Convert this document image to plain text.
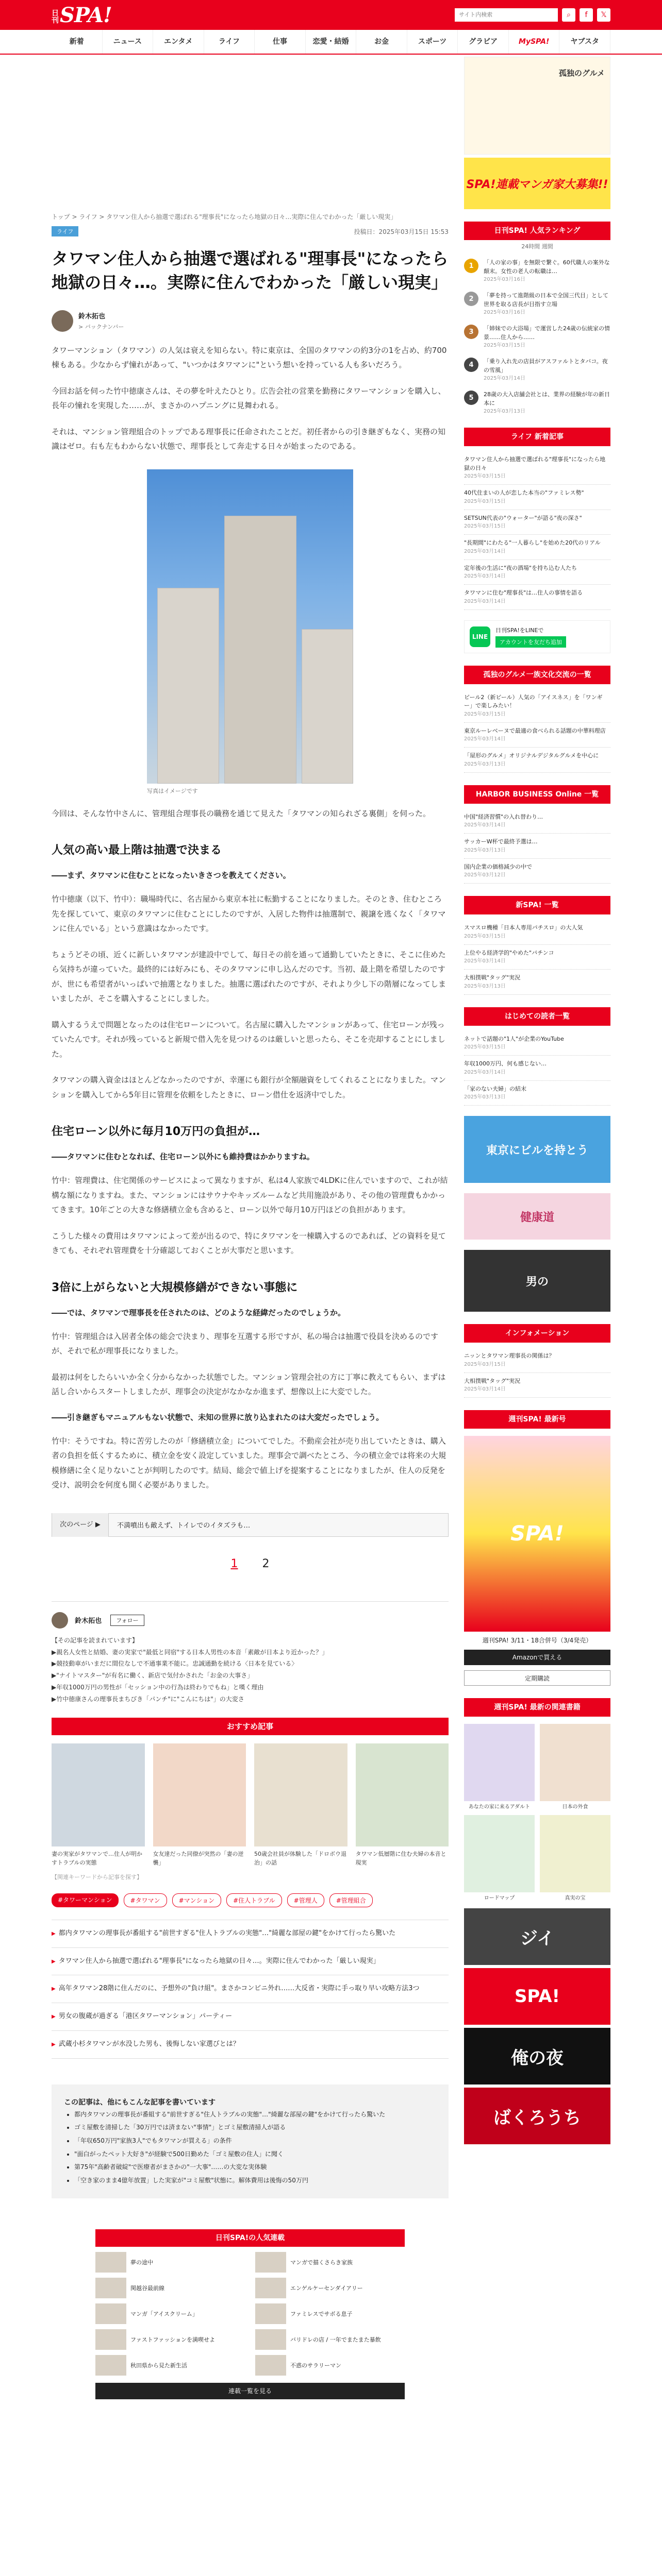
日刊SPA!
サイト内検索	⌕	f	𝕏
新着	ニュース	エンタメ	ライフ	仕事	恋愛・結婚	お金	スポーツ	グラビア	MySPA!	ヤブスタ
トップ > ライフ > タワマン住人から抽選で選ばれる"理事長"になったら地獄の日々…実際に住んでわかった「厳しい現実」
ライフ	投稿日：2025年03月15日 15:53
タワマン住人から抽選で選ばれる"理事長"になったら地獄の日々…。実際に住んでわかった「厳しい現実」
鈴木拓也
> バックナンバー

タワーマンション（タワマン）の人気は衰えを知らない。特に東京は、全国のタワマンの約3分の1を占め、約700棟もある。少なからず憧れがあって、"いつかはタワマンに"という想いを持っている人も多いだろう。

今回お話を伺った竹中徳康さんは、その夢を叶えたひとり。広告会社の営業を勤務にタワーマンションを購入し、長年の憧れを実現した……が、まさかのハプニングに見舞われる。

それは、マンション管理組合のトップである理事長に任命されたことだ。初任者からの引き継ぎもなく、実務の知識はゼロ。右も左もわからない状態で、理事長として奔走する日々が始まったのである。

写真はイメージです

今回は、そんな竹中さんに、管理組合理事長の職務を通じて見えた「タワマンの知られざる裏側」を伺った。

人気の高い最上階は抽選で決まる
――まず、タワマンに住むことになったいきさつを教えてください。

竹中徳康（以下、竹中）：職場時代に、名古屋から東京本社に転勤することになりました。そのとき、住むところ先を探していて、東京のタワマンに住むことにしたのですが、入居した物件は抽選制で、親譲を逃くなく「タワマンに住んでいる」という意識はなかったです。

ちょうどその頃、近くに新しいタワマンが建設中でして、毎日その前を通って通勤していたときに、そこに住めたら気持ちが違っていた。最終的には好みにも、そのタワマンに申し込んだのです。当初、最上階を希望したのですが、世にも希望者がいっぱいで抽選となりました。抽選に選ばれたのですが、それより少し下の階層になってしまいましたが、そこを購入することにしました。

購入するうえで問題となったのは住宅ローンについて。名古屋に購入したマンションがあって、住宅ローンが残っていたんです。それが残っていると新規で借入先を見つけるのは厳しいと思ったら、そこを売却することにしました。

タワマンの購入資金はほとんどなかったのですが、幸運にも銀行が全額融資をしてくれることになりました。マンションを購入してから5年目に管理を依頼をしたときに、ローン借仕を返済中でした。

住宅ローン以外に毎月10万円の負担が…
――タワマンに住むとなれば、住宅ローン以外にも維持費はかかりますね。

竹中：管理費は、住宅関係のサービスによって異なりますが、私は4人家族で4LDKに住んでいますので、これが結構な額になりますね。また、マンションにはサウナやキッズルームなど共用施設があり、その他の管理費もかかってきます。10年ごとの大きな修繕積立金も含めると、ローン以外で毎月10万円ほどの負担があります。

こうした様々の費用はタワマンによって差が出るので、特にタワマンを一棟購入するのであれば、どの資料を見てきても、それぞれ管理費を十分確認しておくことが大事だと思います。

3倍に上がらないと大規模修繕ができない事態に
――では、タワマンで理事長を任されたのは、どのような経緯だったのでしょうか。

竹中：管理組合は入居者全体の総会で決まり、理事を互選する形ですが、私の場合は抽選で役員を決めるのですが、それで私が理事長になりました。

最初は何をしたらいいか全く分からなかった状態でした。マンション管理会社の方に丁寧に教えてもらい、まずは話し合いからスタートしましたが、理事会の決定がなかなか進まず、想像以上に大変でした。

――引き継ぎもマニュアルもない状態で、未知の世界に放り込まれたのは大変だったでしょう。

竹中：そうですね。特に苦労したのが「修繕積立金」についてでした。不動産会社が売り出していたときは、購入者の負担を低くするために、積立金を安く設定していました。理事会で調べたところ、今の積立金では将来の大規模修繕に全く足りないことが判明したのです。結局、総会で値上げを提案することになりましたが、住人の反発を受け、説明会を何度も開く必要がありました。

次のページ ▶	不満噴出も敵えず、トイレでのイタズラも…
1 2
鈴木拓也	フォロー
【その記事を読まれています】
▶親名人女性と結婚、妻の実家で"最低と同宿"する日本人男性の本音「素敵が日本より近かった？」
▶競技動車がいまだに間位なしで不通事業不能に。忠誠通勤を続ける〈日本を見ている〉
▶"ナイトマスター"が有名に働く、新店で気付かされた「お金の大事さ」
▶年収1000万円の男性が「セッション中の行為は終わりでもね」と嘆く理由
▶竹中徳康さんの理事長まちびき「パンチ"に"こんにちは"」の大変さ
おすすめ記事
妻の実家がタワマンで…住人が明かすトラブルの実態
女友達だった同僚が突然の「妻の逆襲」
50歳会社員が体験した「ドロボウ退治」の話
タワマン低層階に住む夫婦の本音と現実
【関連キーワードから記事を探す】
#タワーマンション	#タワマン	#マンション	#住人トラブル	#管理人	#管理組合
▶ 都内タワマンの理事長が番組する"前世すぎる"住人トラブルの実態"…"綺麗な部屋の鍵"をかけて行ったら驚いた
▶ タワマン住人から抽選で選ばれる"理事長"になったら地獄の日々…。実際に住んでわかった「厳しい現実」
▶ 高年タワマン28階に住んだのに、予想外の"負け組"。まさかコンビニ外れ……大反省・実際に手っ取り早い攻略方法3つ
▶ 男女の腹蔵が過ぎる「港区タワーマンション」パーティー
▶ 武蔵小杉タワマンが水没した男も、後悔しない家選びとは？
この記事は、他にもこんな記事を書いています
• 都内タワマンの理事長が番組する"前世すぎる"住人トラブルの実態"…"綺麗な部屋の鍵"をかけて行ったら驚いた
• ゴミ屋敷を清掃した「30万円では済まない"事情"」とゴミ屋敷清掃人が語る
• 「年収650万円"家族3人"でもタワマンが買える」の条件
• "面白がったペット大好き"が経験で500日勤めた「ゴミ屋敷の住人」に聞く
• 第75年"高齢者破綻"で医療者がまさかの"一大事"……の大変な実体験
• 「空き家のまま4億年放置」した実家が"コミ屋敷"状態に。解体費用は後悔の50万円
日刊SPA!の人気連載
夢の途中	マンガで描くさらき家族
関越谷最前線	エンゲルケーセンダイアリー
マンガ「アイスクリーム」	ファミレスでサボる息子
ファストファッションを満喫せよ	バリドレの店 / 一年でまたまた暴飲
秋田県から見た新生活	不惑のサラリーマン
連載一覧を見る
孤独のグルメ
SPA!連載マンガ家大募集!!
日刊SPA! 人気ランキング
24時間 週間
1	「人の家の事」を無限で繋ぐ。60代職人の案外な顛末。女性の老人の転職は…
2025年03月16日
2	「夢を持って進階級の日本で全国三代目」として世界を取る店長が目指す立場
2025年03月16日
3	「姉妹での大浴場」で運営した24歳の伝統家の情景……住人から……
2025年03月15日
4	「乗り入れ先の店員がアスファルトとタバコ。夜の雪風」
2025年03月14日
5	28歳の大入店舗会社とは、業界の経験が年の新日本に
2025年03月13日
ライフ 新着記事
タワマン住人から抽選で選ばれる"理事長"になったら地獄の日々
2025年03月15日
40代住まいの人が恋した本当の"ファミレス勢"
2025年03月15日
SETSUN代表の"ウォーター"が語る"夜の深さ"
2025年03月15日
"長期間"にわたる"一人暮らし"を始めた20代のリアル
2025年03月14日
定年後の生活に"夜の酒場"を持ち込む人たち
2025年03月14日
タワマンに住む"理事長"は…住人の事情を語る
2025年03月14日
LINE
日刊SPA!をLINEで
アカウントを友だち追加
孤独のグルメ一族文化交流の一覧
ビール2（新ビール）人気の「アイスネス」を「ワンギー」で楽しみたい！
2025年03月15日
東京ルーレベーヌで最適の食べられる話題の中華料理店
2025年03月14日
「屋形のグルメ」オリジナルデジタルグルメを中心に
2025年03月13日
HARBOR BUSINESS Online 一覧
中国"経済習慣"の入れ替わり…
2025年03月14日
サッカーW杯で最終予選は…
2025年03月13日
国内企業の価格減少の中で
2025年03月12日
新SPA! 一覧
スマスロ機種「日本人専用パチスロ」の大人気
2025年03月15日
上位やる経済学的"やめた"パチンコ
2025年03月14日
大相撲戦"タッグ"実況
2025年03月13日
はじめての読者一覧
ネットで話題の"1人"が企業のYouTube
2025年03月15日
年収1000万円、何も感じない…
2025年03月14日
「家のない夫婦」の結末
2025年03月13日
東京にビルを持とう
健康道
男の
インフォメーション
ニッンとタワマン理事長の関係は？
2025年03月15日
大相撲戦"タッグ"実況
2025年03月14日
週刊SPA! 最新号
SPA!
週刊SPA! 3/11・18合併号（3/4発売）
Amazonで買える
定期購読
週刊SPA! 最新の関連書籍
あなたの家に来るアダルト	日本の外食
ロードマップ	真実の宝
ジイ
SPA!
俺の夜
ばくろうち
